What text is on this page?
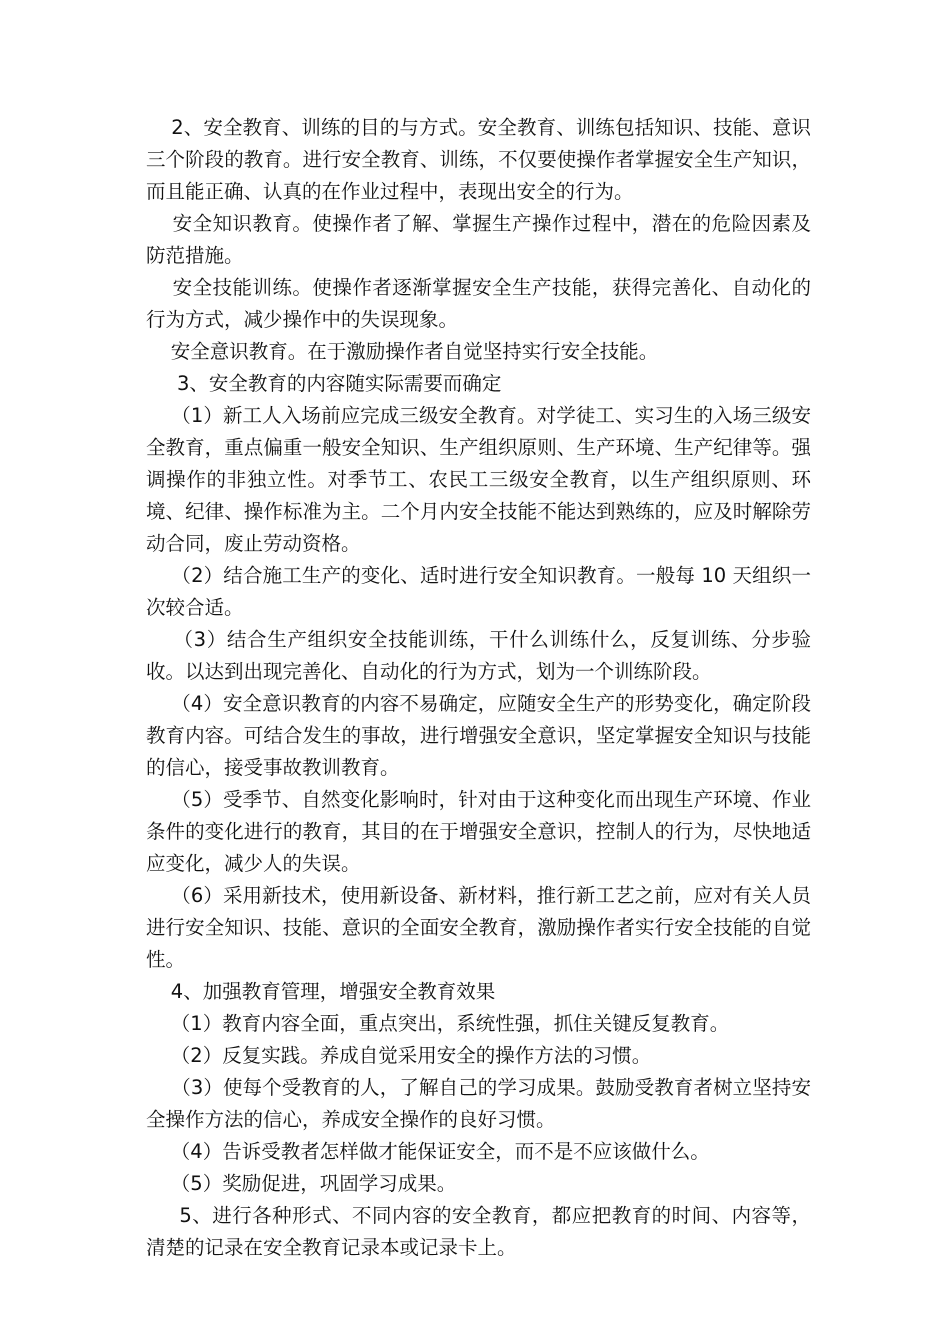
2、安全教育、训练的目的与方式。安全教育、训练包括知识、技能、意识三个阶段的教育。进行安全教育、训练，不仅要使操作者掌握安全生产知识，而且能正确、认真的在作业过程中，表现出安全的行为。

安全知识教育。使操作者了解、掌握生产操作过程中，潜在的危险因素及防范措施。

安全技能训练。使操作者逐渐掌握安全生产技能，获得完善化、自动化的行为方式，减少操作中的失误现象。

安全意识教育。在于激励操作者自觉坚持实行安全技能。

3、安全教育的内容随实际需要而确定

（1）新工人入场前应完成三级安全教育。对学徒工、实习生的入场三级安全教育，重点偏重一般安全知识、生产组织原则、生产环境、生产纪律等。强调操作的非独立性。对季节工、农民工三级安全教育，以生产组织原则、环境、纪律、操作标准为主。二个月内安全技能不能达到熟练的，应及时解除劳动合同，废止劳动资格。

（2）结合施工生产的变化、适时进行安全知识教育。一般每 10 天组织一次较合适。

（3）结合生产组织安全技能训练，干什么训练什么，反复训练、分步验收。以达到出现完善化、自动化的行为方式，划为一个训练阶段。

（4）安全意识教育的内容不易确定，应随安全生产的形势变化，确定阶段教育内容。可结合发生的事故，进行增强安全意识，坚定掌握安全知识与技能的信心，接受事故教训教育。

（5）受季节、自然变化影响时，针对由于这种变化而出现生产环境、作业条件的变化进行的教育，其目的在于增强安全意识，控制人的行为，尽快地适应变化，减少人的失误。

（6）采用新技术，使用新设备、新材料，推行新工艺之前，应对有关人员进行安全知识、技能、意识的全面安全教育，激励操作者实行安全技能的自觉性。

4、加强教育管理，增强安全教育效果

（1）教育内容全面，重点突出，系统性强，抓住关键反复教育。

（2）反复实践。养成自觉采用安全的操作方法的习惯。

（3）使每个受教育的人，了解自己的学习成果。鼓励受教育者树立坚持安全操作方法的信心，养成安全操作的良好习惯。

（4）告诉受教者怎样做才能保证安全，而不是不应该做什么。

（5）奖励促进，巩固学习成果。

5、进行各种形式、不同内容的安全教育，都应把教育的时间、内容等，清楚的记录在安全教育记录本或记录卡上。
